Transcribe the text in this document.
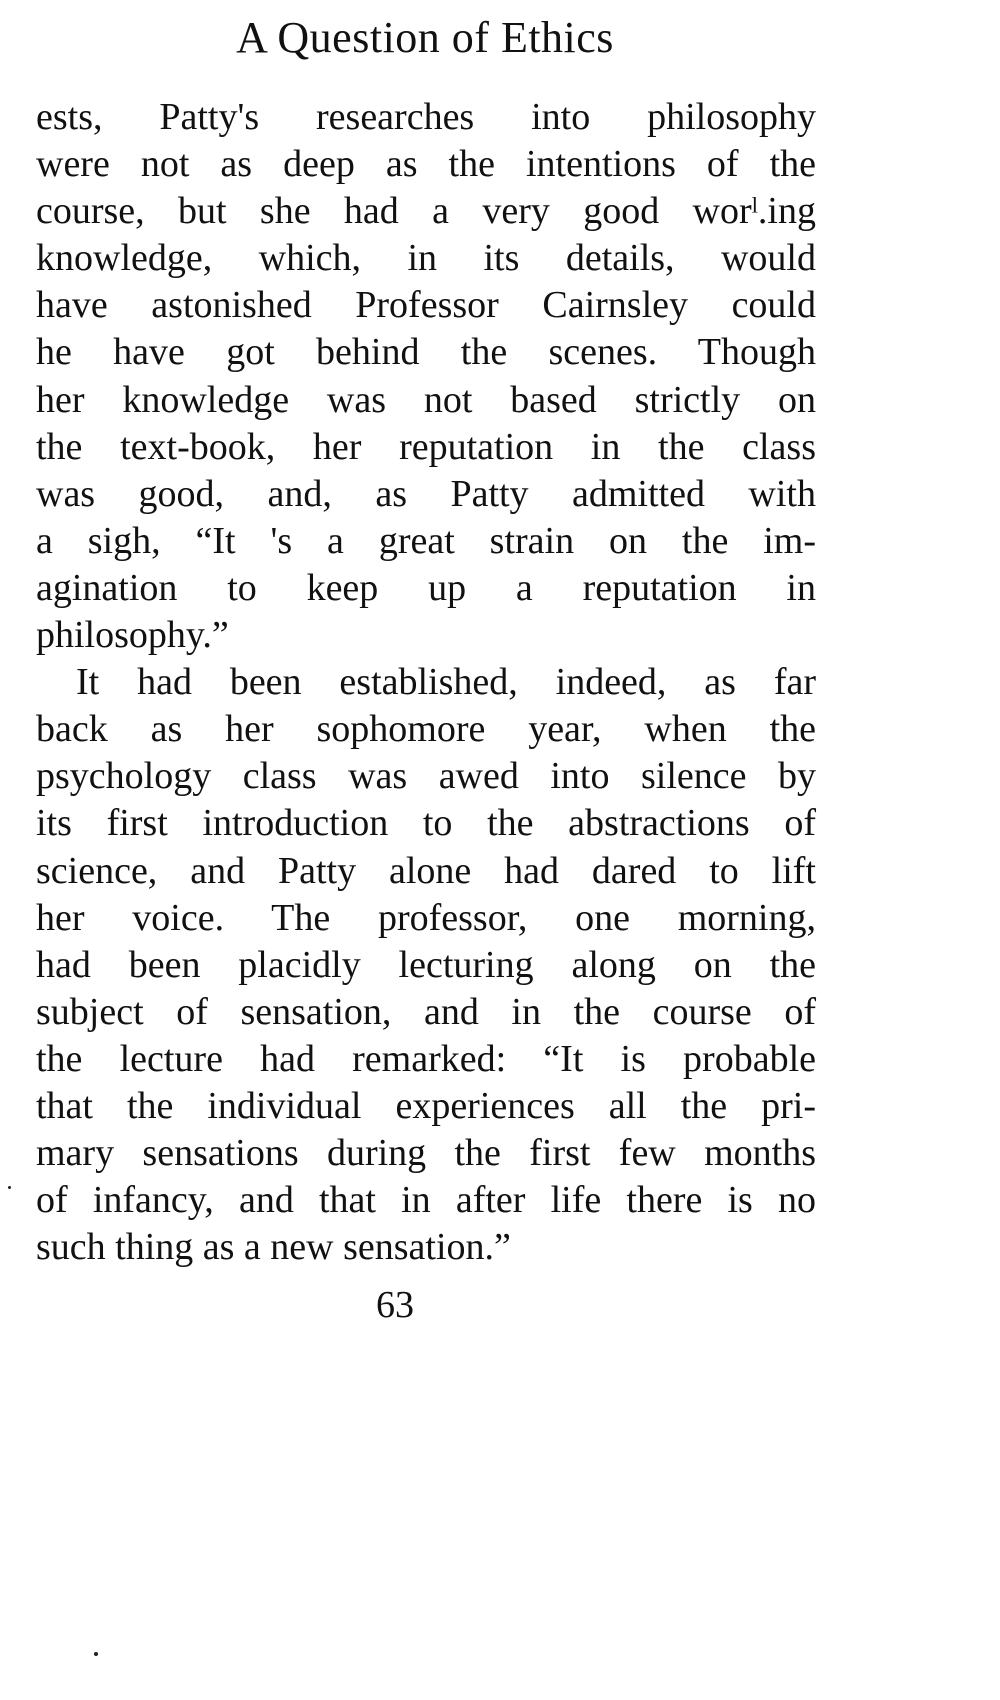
A Question of Ethics
ests, Patty's researches into philosophy
were not as deep as the intentions of the
course, but she had a very good worˡ.ing
knowledge, which, in its details, would
have astonished Professor Cairnsley could
he have got behind the scenes. Though
her knowledge was not based strictly on
the text-book, her reputation in the class
was good, and, as Patty admitted with
a sigh, “It 's a great strain on the im-
agination to keep up a reputation in
philosophy.”
It had been established, indeed, as far
back as her sophomore year, when the
psychology class was awed into silence by
its first introduction to the abstractions of
science, and Patty alone had dared to lift
her voice. The professor, one morning,
had been placidly lecturing along on the
subject of sensation, and in the course of
the lecture had remarked: “It is probable
that the individual experiences all the pri-
mary sensations during the first few months
of infancy, and that in after life there is no
such thing as a new sensation.”
63
